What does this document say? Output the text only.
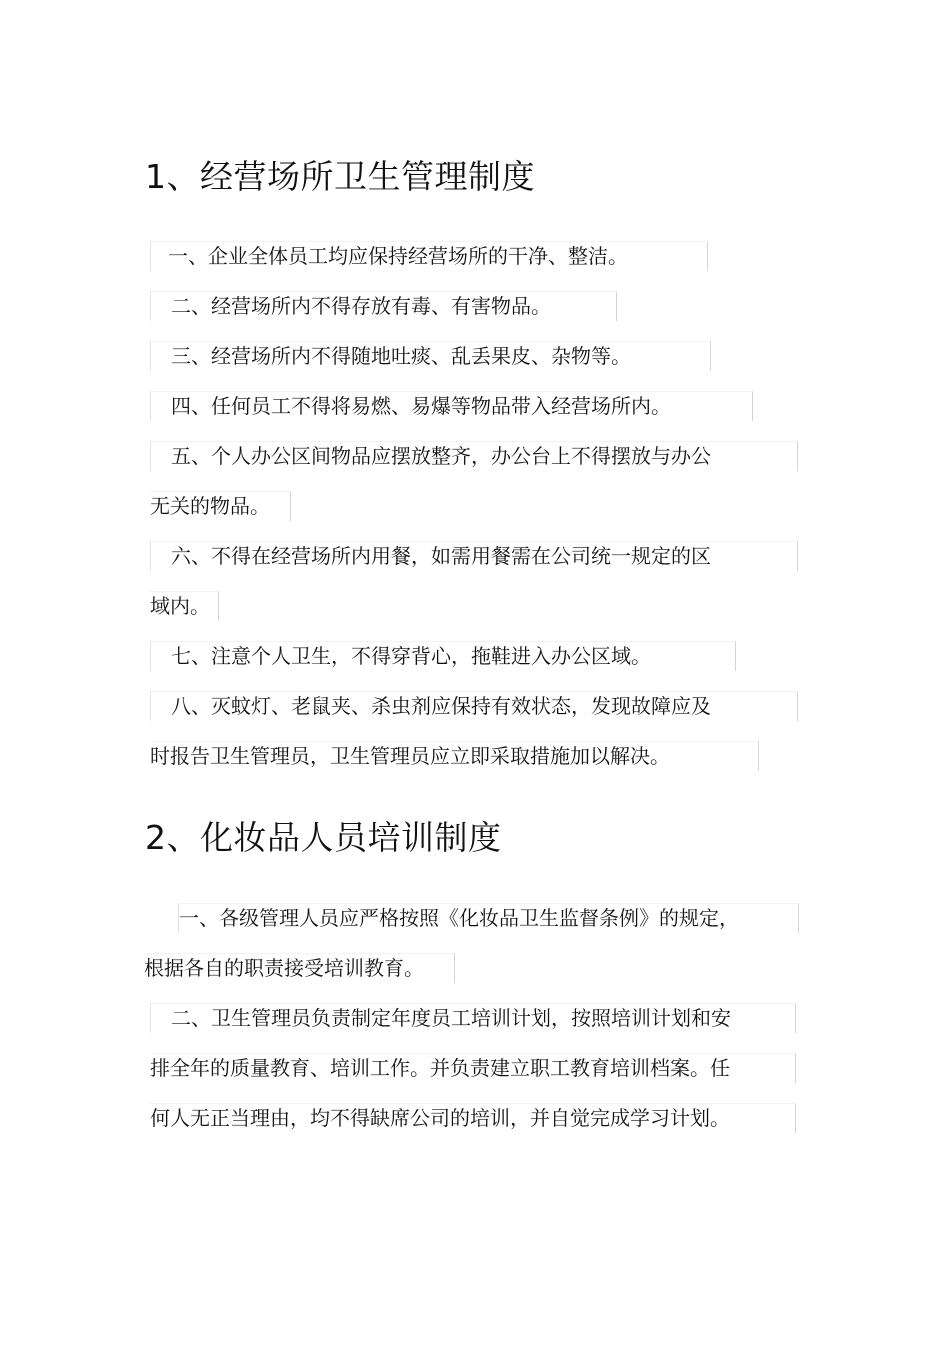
1、经营场所卫生管理制度
一、企业全体员工均应保持经营场所的干净、整洁。
二、经营场所内不得存放有毒、有害物品。
三、经营场所内不得随地吐痰、乱丢果皮、杂物等。
四、任何员工不得将易燃、易爆等物品带入经营场所内。
五、个人办公区间物品应摆放整齐，办公台上不得摆放与办公
无关的物品。
六、不得在经营场所内用餐，如需用餐需在公司统一规定的区
域内。
七、注意个人卫生，不得穿背心，拖鞋进入办公区域。
八、灭蚊灯、老鼠夹、杀虫剂应保持有效状态，发现故障应及
时报告卫生管理员，卫生管理员应立即采取措施加以解决。
2、化妆品人员培训制度
一、各级管理人员应严格按照《化妆品卫生监督条例》的规定，
根据各自的职责接受培训教育。
二、卫生管理员负责制定年度员工培训计划，按照培训计划和安
排全年的质量教育、培训工作。并负责建立职工教育培训档案。任
何人无正当理由，均不得缺席公司的培训，并自觉完成学习计划。
